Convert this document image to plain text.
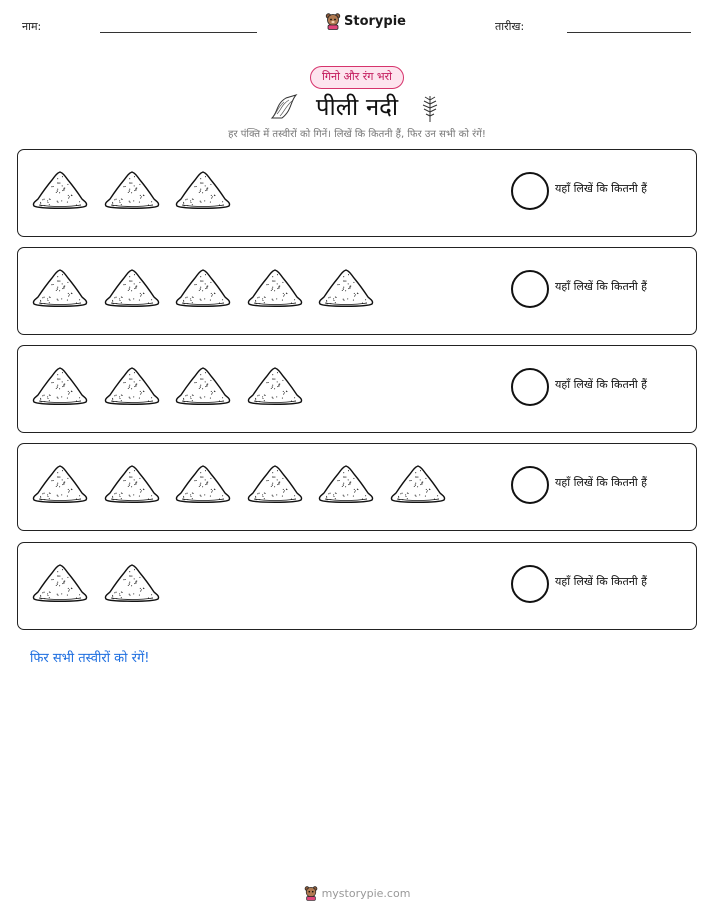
नाम:	Storypie	तारीख:
गिनो और रंग भरो
पीली नदी
हर पंक्ति में तस्वीरों को गिनें। लिखें कि कितनी हैं, फिर उन सभी को रंगें!
यहाँ लिखें कि कितनी हैं
यहाँ लिखें कि कितनी हैं
यहाँ लिखें कि कितनी हैं
यहाँ लिखें कि कितनी हैं
यहाँ लिखें कि कितनी हैं
फिर सभी तस्वीरों को रंगें!
mystorypie.com
